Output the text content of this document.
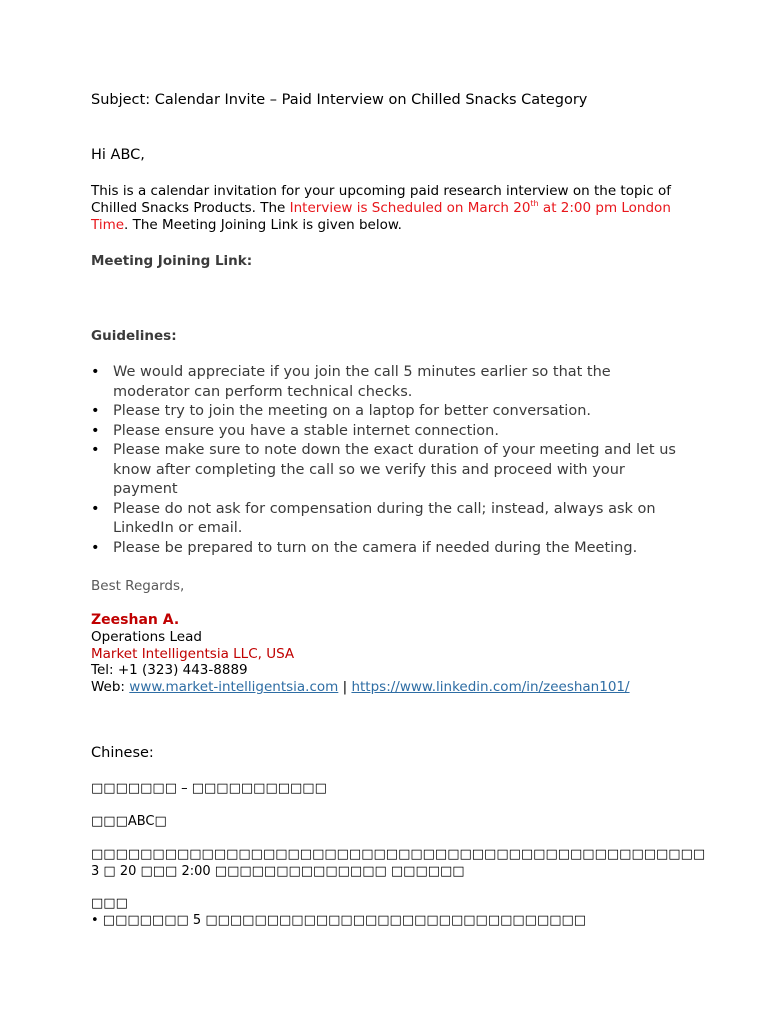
Subject: Calendar Invite – Paid Interview on Chilled Snacks Category
Hi ABC,
This is a calendar invitation for your upcoming paid research interview on the topic of Chilled Snacks Products. The Interview is Scheduled on March 20th at 2:00 pm London Time. The Meeting Joining Link is given below.
Meeting Joining Link:
Guidelines:
• We would appreciate if you join the call 5 minutes earlier so that the moderator can perform technical checks.
• Please try to join the meeting on a laptop for better conversation.
• Please ensure you have a stable internet connection.
• Please make sure to note down the exact duration of your meeting and let us know after completing the call so we verify this and proceed with your payment
• Please do not ask for compensation during the call; instead, always ask on LinkedIn or email.
• Please be prepared to turn on the camera if needed during the Meeting.
Best Regards,
Zeeshan A.
Operations Lead
Market Intelligentsia LLC, USA
Tel: +1 (323) 443-8889
Web: www.market-intelligentsia.com | https://www.linkedin.com/in/zeeshan101/
Chinese:
□□□□□□□ – □□□□□□□□□□□
□□□ABC□
□□□□□□□□□□□□□□□□□□□□□□□□□□□□□□□□□□□□□□□□□□□□□□□□□□ 3 □ 20 □□□ 2:00 □□□□□□□□□□□□□□ □□□□□□
□□□
• □□□□□□□ 5 □□□□□□□□□□□□□□□□□□□□□□□□□□□□□□□
